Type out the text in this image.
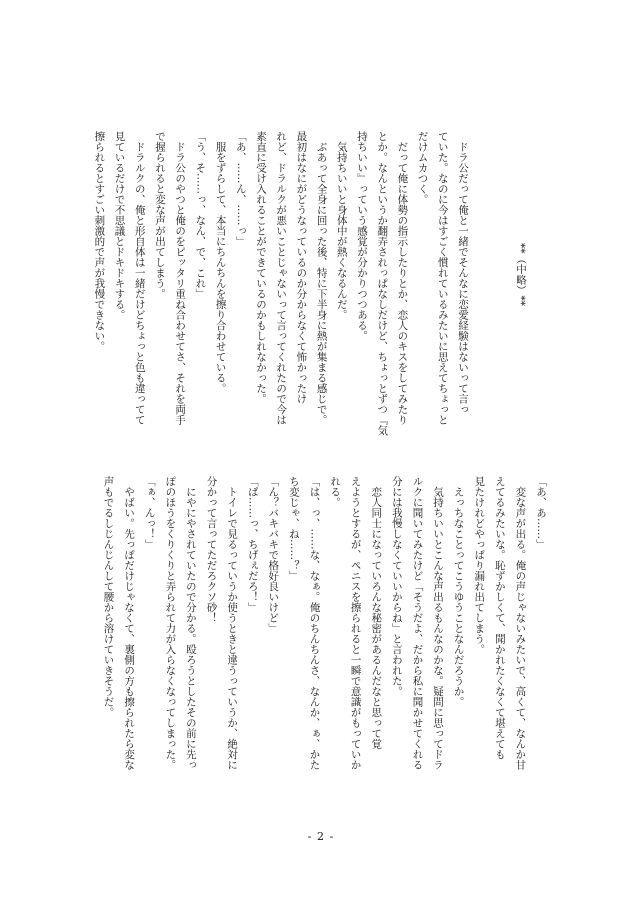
**（中略）**
　ドラ公だって俺と一緒でそんなに恋愛経験はないって言っ
ていた。なのに今はすごく慣れているみたいに思えてちょっと
だけムカつく。
　だって俺に体勢の指示したりとか、恋人のキスをしてみたり
とか。なんというか翻弄されっぱなしだけど、ちょっとずつ『気
持ちいい』っていう感覚が分かりつつある。
　気持ちいいと身体中が熱くなるんだ。
　ぶあって全身に回った後、特に下半身に熱が集まる感じで。
最初はなにがどうなっているのか分からなくて怖かったけ
れど、ドラルクが悪いことじゃないって言ってくれたので今は
素直に受け入れることができているのかもしれなかった。
「あ、……ん、……っ」
　服をずらして、本当にちんちんを擦り合わせている。
「う、そ……っ、なん、で、これ」
　ドラ公のやつと俺のをピッタリ重ね合わせてさ、それを両手
で握られると変な声が出てしまう。
　ドラルクの、俺と形自体は一緒だけどちょっと色も違ってて
見ているだけで不思議とドキドキする。
擦られるとすごい刺激的で声が我慢できない。
「あ、あ……」
　変な声が出る。俺の声じゃないみたいで、高くて、なんか甘
えてるみたいな。恥ずかしくて、聞かれたくなくて堪えても
見たけれどやっぱり漏れ出てしまう。
　えっちなことってこうゆうことなんだろうか。
　気持ちいいとこんな声出るもんなのかな。疑問に思ってドラ
ルクに聞いてみたけど「そうだよ、だから私に聞かせてくれる
分には我慢しなくていいからね」と言われた。
　恋人同士になっていろんな秘密があるんだなと思って覚
えようとするが、ペニスを擦られると一瞬で意識がもっていか
れる。
「は、っ、……な、なぁ。俺のちんちんさ、なんか、ぁ、かた
ち変じゃ、ね……？」
「ん？バキバキで格好良いけど」
「ぱ……っ、ちげぇだろ！」
　トイレで見るっていうか使うときと違うっていうか、絶対に
分かって言ってただろクソ砂！
　にやにやされていたので分かる。殴ろうとしたその前に先っ
ぽのほうをくりくりと弄られて力が入らなくなってしまった。
「ぁ、んっ！」
　やばい。先っぽだけじゃなくて、裏側の方も擦られたら変な
声もでるしじんじんして腰から溶けていきそうだ。
- 2 -
